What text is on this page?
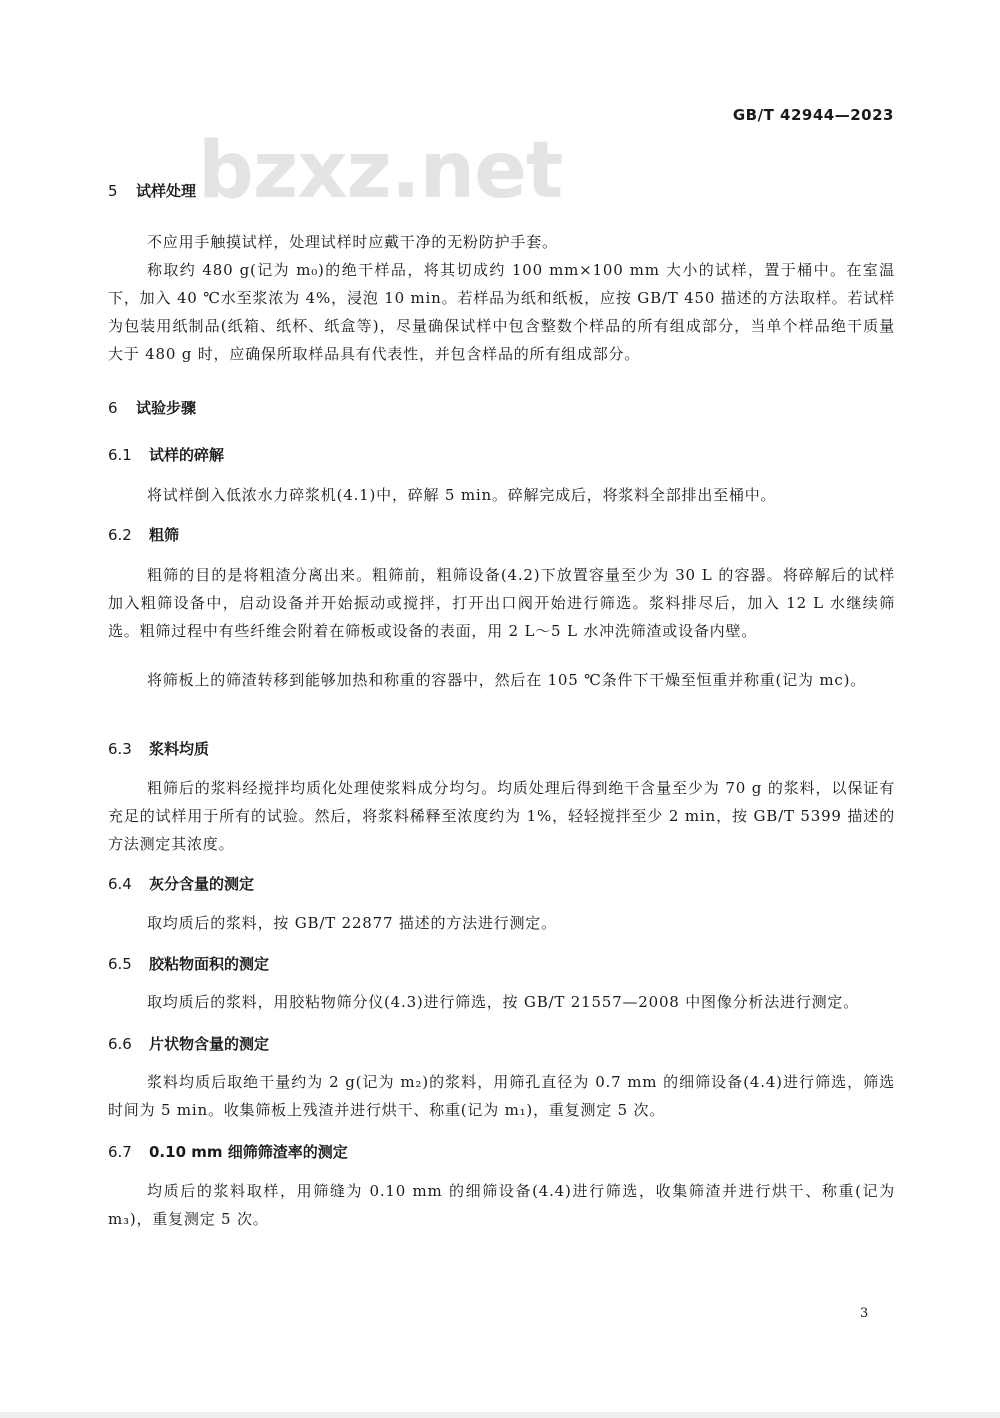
bzxz.net
GB/T 42944—2023
5 试样处理
不应用手触摸试样，处理试样时应戴干净的无粉防护手套。
称取约 480 g(记为 m₀)的绝干样品，将其切成约 100 mm×100 mm 大小的试样，置于桶中。在室温下，加入 40 ℃水至浆浓为 4%，浸泡 10 min。若样品为纸和纸板，应按 GB/T 450 描述的方法取样。若试样为包装用纸制品(纸箱、纸杯、纸盒等)，尽量确保试样中包含整数个样品的所有组成部分，当单个样品绝干质量大于 480 g 时，应确保所取样品具有代表性，并包含样品的所有组成部分。
6 试验步骤
6.1 试样的碎解
将试样倒入低浓水力碎浆机(4.1)中，碎解 5 min。碎解完成后，将浆料全部排出至桶中。
6.2 粗筛
粗筛的目的是将粗渣分离出来。粗筛前，粗筛设备(4.2)下放置容量至少为 30 L 的容器。将碎解后的试样加入粗筛设备中，启动设备并开始振动或搅拌，打开出口阀开始进行筛选。浆料排尽后，加入 12 L 水继续筛选。粗筛过程中有些纤维会附着在筛板或设备的表面，用 2 L～5 L 水冲洗筛渣或设备内壁。
将筛板上的筛渣转移到能够加热和称重的容器中，然后在 105 ℃条件下干燥至恒重并称重(记为 mc)。
6.3 浆料均质
粗筛后的浆料经搅拌均质化处理使浆料成分均匀。均质处理后得到绝干含量至少为 70 g 的浆料，以保证有充足的试样用于所有的试验。然后，将浆料稀释至浓度约为 1%，轻轻搅拌至少 2 min，按 GB/T 5399 描述的方法测定其浓度。
6.4 灰分含量的测定
取均质后的浆料，按 GB/T 22877 描述的方法进行测定。
6.5 胶粘物面积的测定
取均质后的浆料，用胶粘物筛分仪(4.3)进行筛选，按 GB/T 21557—2008 中图像分析法进行测定。
6.6 片状物含量的测定
浆料均质后取绝干量约为 2 g(记为 m₂)的浆料，用筛孔直径为 0.7 mm 的细筛设备(4.4)进行筛选，筛选时间为 5 min。收集筛板上残渣并进行烘干、称重(记为 m₁)，重复测定 5 次。
6.7 0.10 mm 细筛筛渣率的测定
均质后的浆料取样，用筛缝为 0.10 mm 的细筛设备(4.4)进行筛选，收集筛渣并进行烘干、称重(记为 m₃)，重复测定 5 次。
3
